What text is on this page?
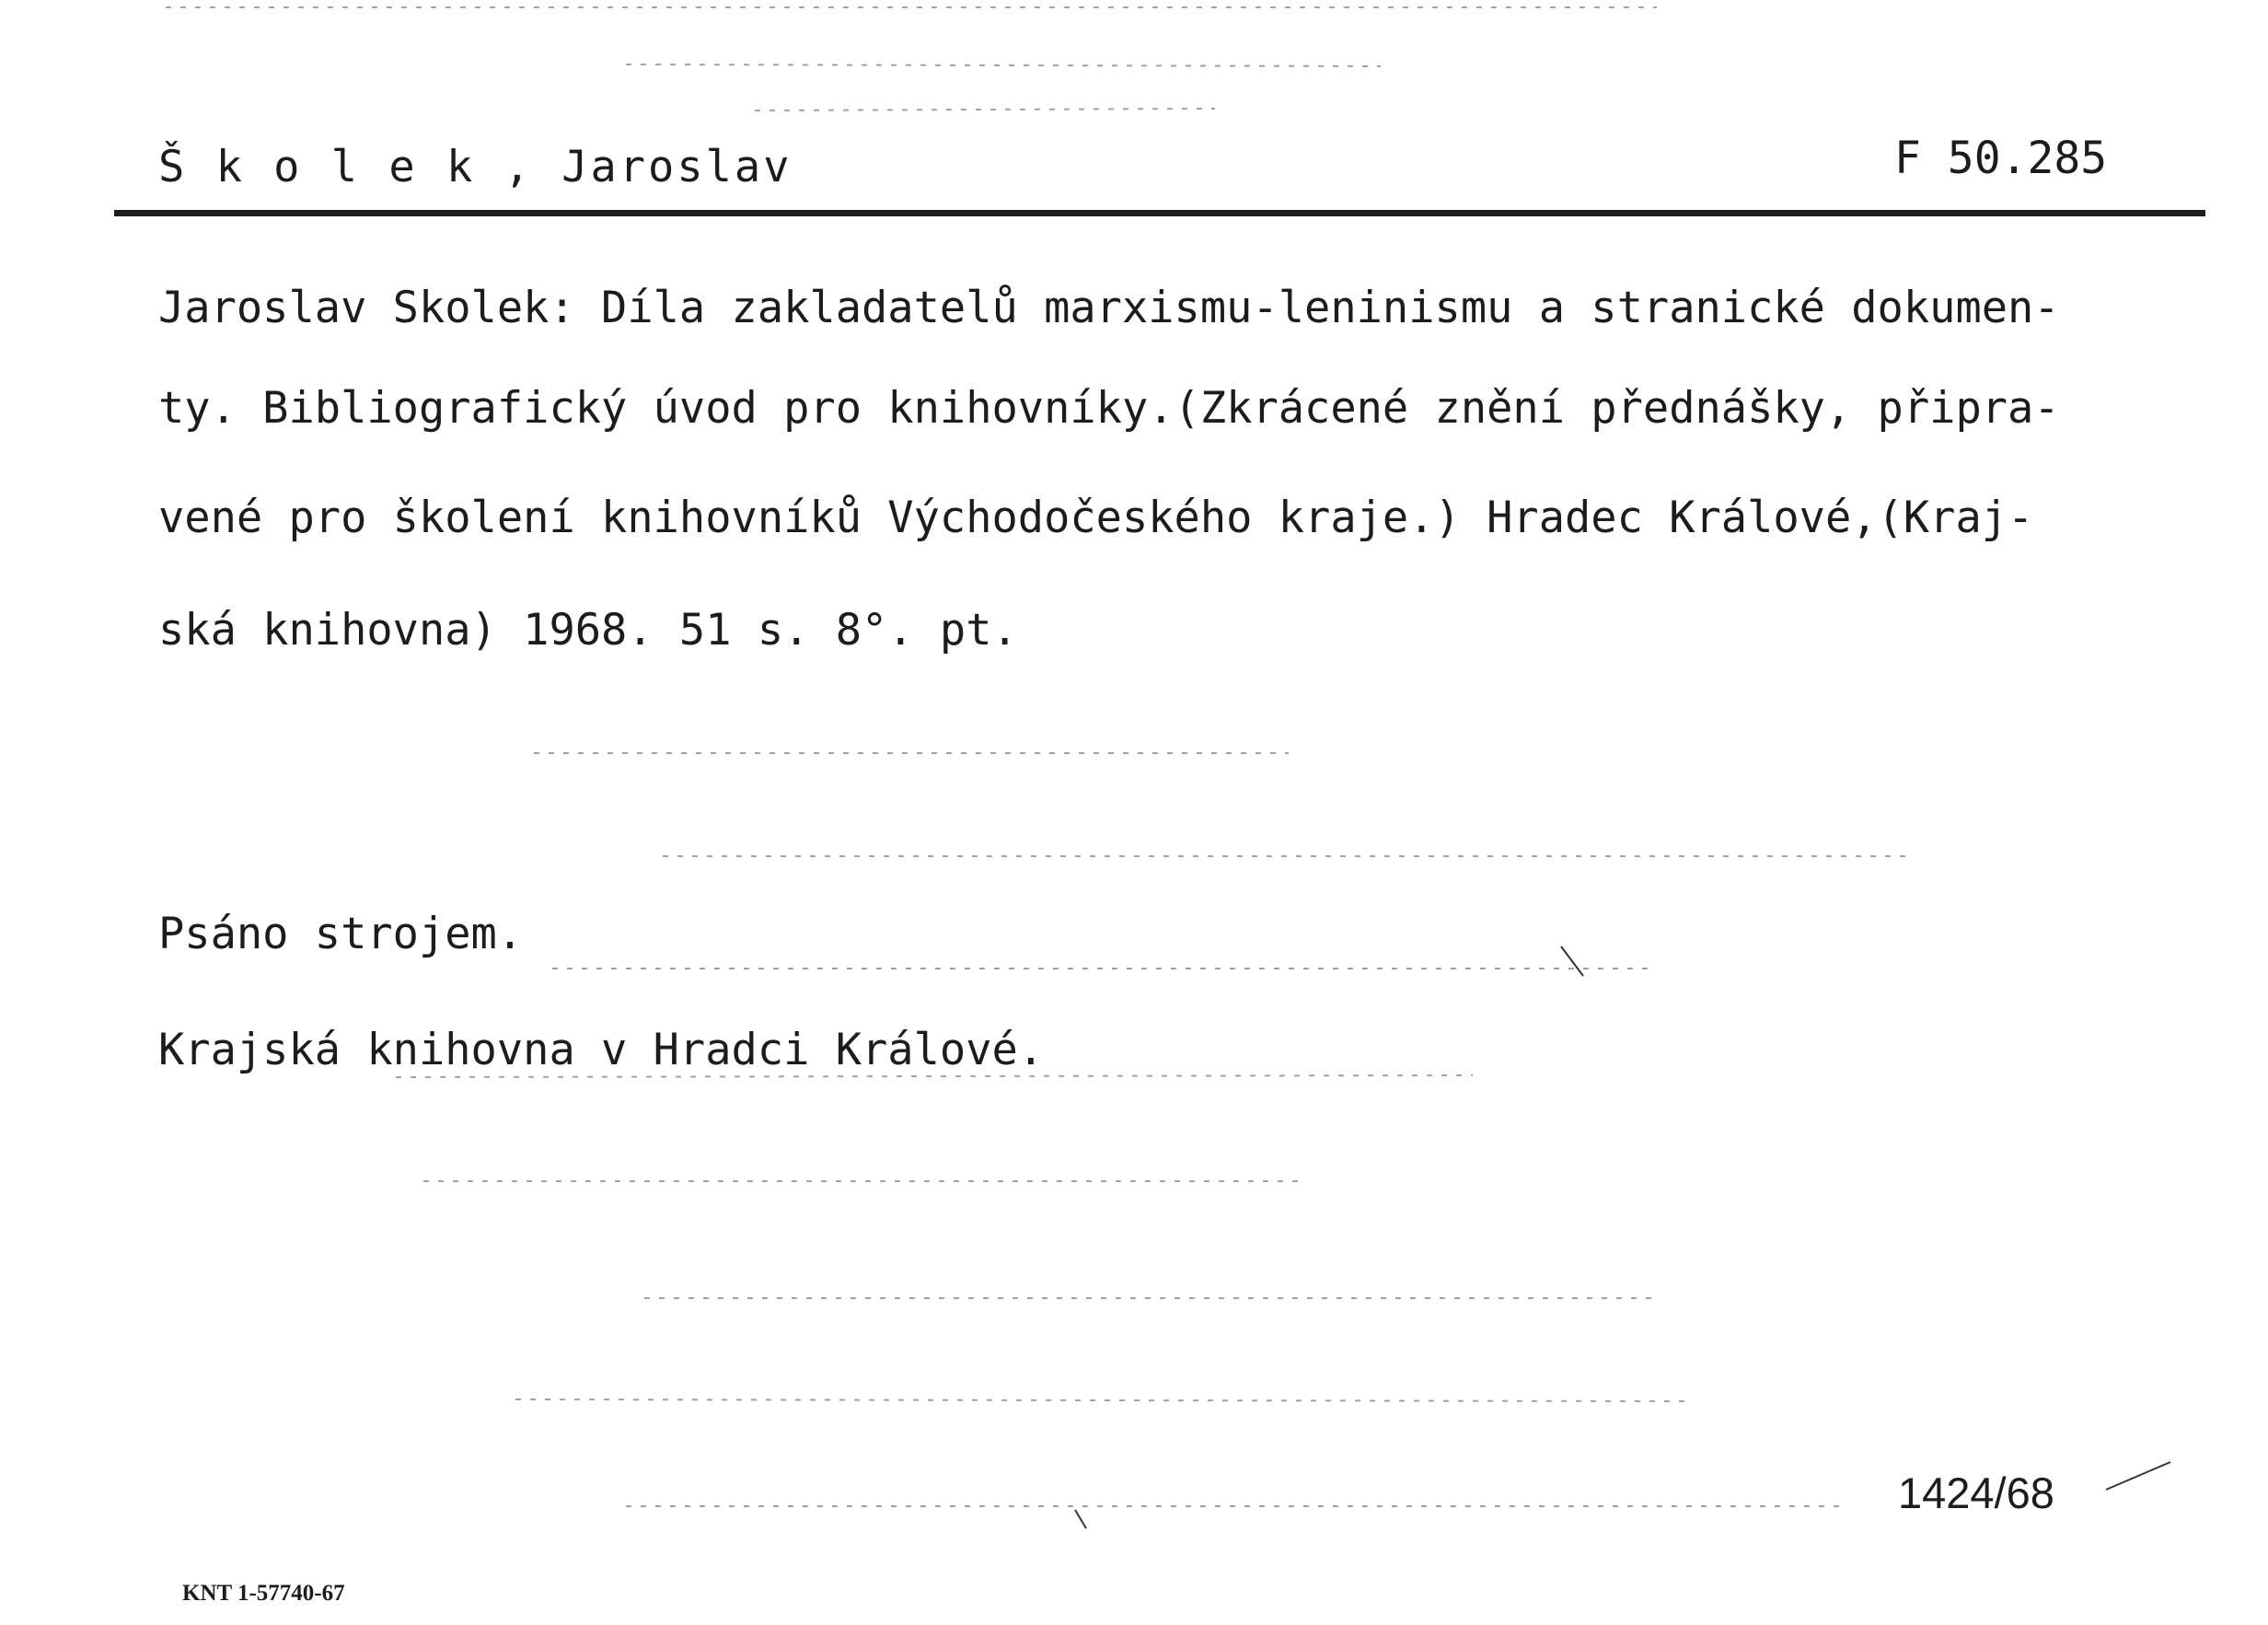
Š k o l e k , Jaroslav	F 50.285
Jaroslav Skolek: Díla zakladatelů marxismu-leninismu a stranické dokumen-
ty. Bibliografický úvod pro knihovníky.(Zkrácené znění přednášky, připra-
vené pro školení knihovníků Východočeského kraje.) Hradec Králové,(Kraj-
ská knihovna) 1968. 51 s. 8°. pt.
Psáno strojem.
Krajská knihovna v Hradci Králové.
1424/68
KNT 1-57740-67
